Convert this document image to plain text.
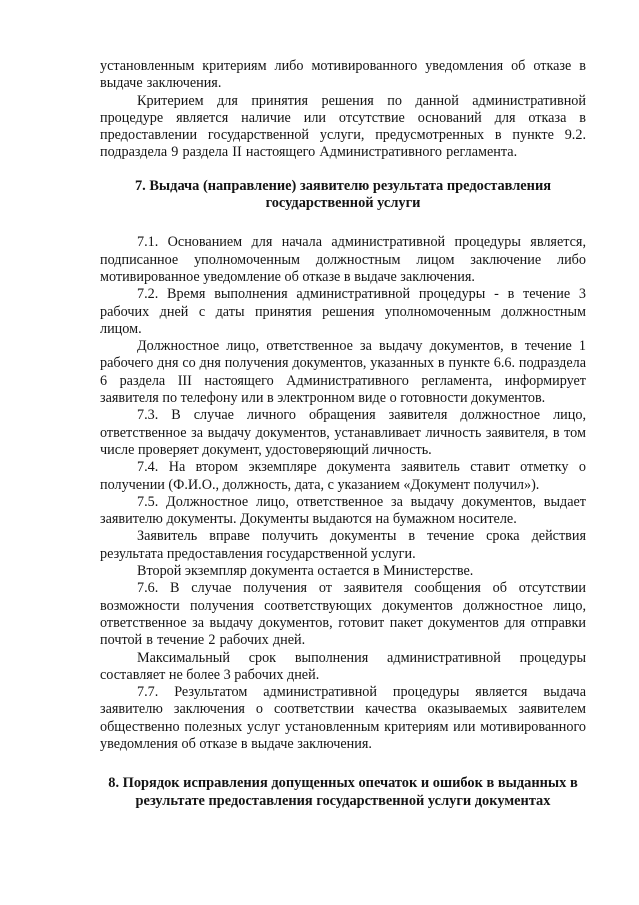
установленным критериям либо мотивированного уведомления об отказе в выдаче заключения.

Критерием для принятия решения по данной административной процедуре является наличие или отсутствие оснований для отказа в предоставлении государственной услуги, предусмотренных в пункте 9.2. подраздела 9 раздела II настоящего Административного регламента.

7. Выдача (направление) заявителю результата предоставления государственной услуги

7.1. Основанием для начала административной процедуры является, подписанное уполномоченным должностным лицом заключение либо мотивированное уведомление об отказе в выдаче заключения.

7.2. Время выполнения административной процедуры - в течение 3 рабочих дней с даты принятия решения уполномоченным должностным лицом.

Должностное лицо, ответственное за выдачу документов, в течение 1 рабочего дня со дня получения документов, указанных в пункте 6.6. подраздела 6 раздела III настоящего Административного регламента, информирует заявителя по телефону или в электронном виде о готовности документов.

7.3. В случае личного обращения заявителя должностное лицо, ответственное за выдачу документов, устанавливает личность заявителя, в том числе проверяет документ, удостоверяющий личность.

7.4. На втором экземпляре документа заявитель ставит отметку о получении (Ф.И.О., должность, дата, с указанием «Документ получил»).

7.5. Должностное лицо, ответственное за выдачу документов, выдает заявителю документы. Документы выдаются на бумажном носителе.

Заявитель вправе получить документы в течение срока действия результата предоставления государственной услуги.

Второй экземпляр документа остается в Министерстве.

7.6. В случае получения от заявителя сообщения об отсутствии возможности получения соответствующих документов должностное лицо, ответственное за выдачу документов, готовит пакет документов для отправки почтой в течение 2 рабочих дней.

Максимальный срок выполнения административной процедуры составляет не более 3 рабочих дней.

7.7. Результатом административной процедуры является выдача заявителю заключения о соответствии качества оказываемых заявителем общественно полезных услуг установленным критериям или мотивированного уведомления об отказе в выдаче заключения.

8. Порядок исправления допущенных опечаток и ошибок в выданных в результате предоставления государственной услуги документах
